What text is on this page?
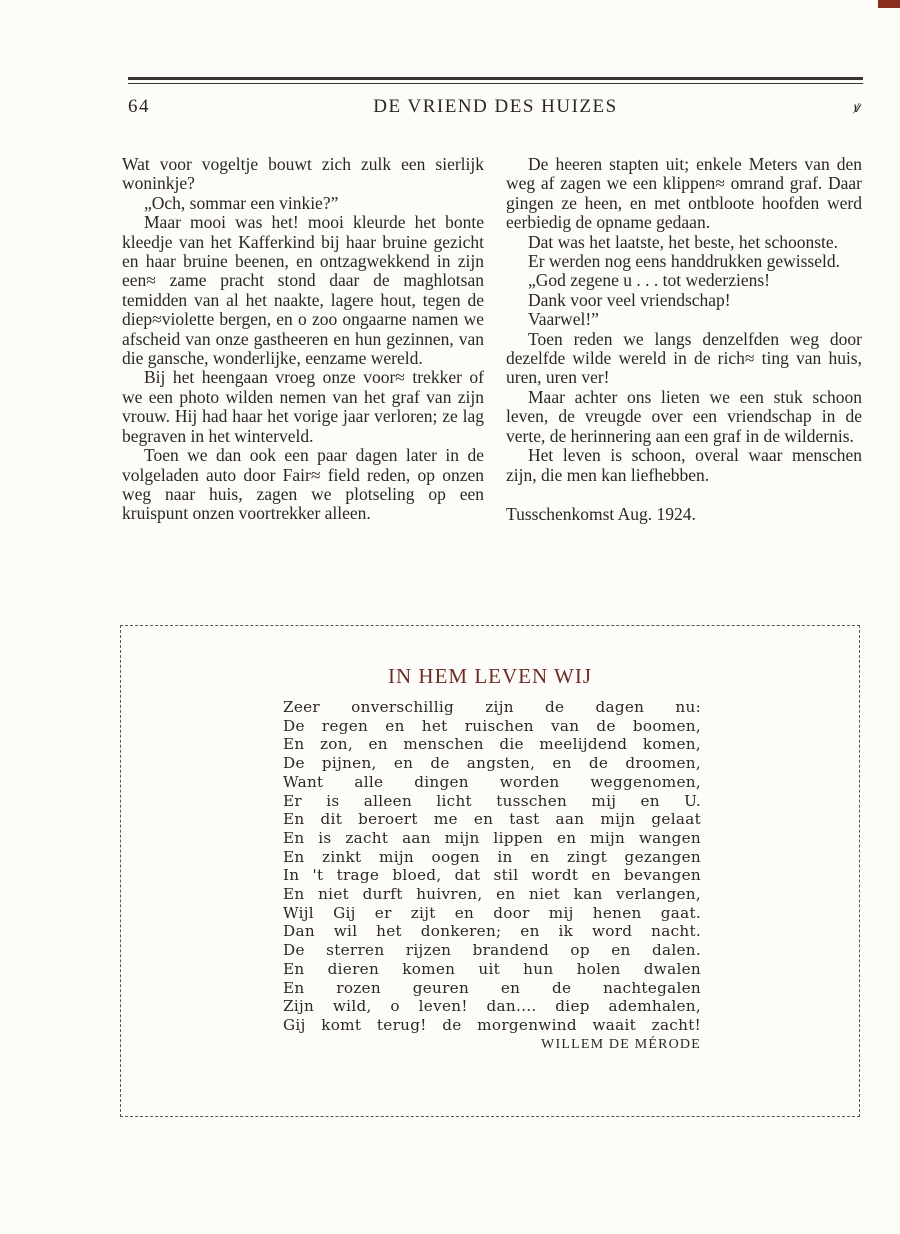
64	DE VRIEND DES HUIZES	ꝟ

Wat voor vogeltje bouwt zich zulk een sierlijk woninkje?

„Och, sommar een vinkie?”

Maar mooi was het! mooi kleurde het bonte kleedje van het Kafferkind bij haar bruine gezicht en haar bruine beenen, en ontzagwekkend in zijn een≈ zame pracht stond daar de maghlotsan temidden van al het naakte, lagere hout, tegen de diep≈violette bergen, en o zoo ongaarne namen we afscheid van onze gastheeren en hun gezinnen, van die gansche, wonderlijke, eenzame wereld.

Bij het heengaan vroeg onze voor≈ trekker of we een photo wilden nemen van het graf van zijn vrouw. Hij had haar het vorige jaar verloren; ze lag begraven in het winterveld.

Toen we dan ook een paar dagen later in de volgeladen auto door Fair≈ field reden, op onzen weg naar huis, zagen we plotseling op een kruispunt onzen voortrekker alleen.

De heeren stapten uit; enkele Meters van den weg af zagen we een klippen≈ omrand graf. Daar gingen ze heen, en met ontbloote hoofden werd eerbiedig de opname gedaan.

Dat was het laatste, het beste, het schoonste.

Er werden nog eens handdrukken gewisseld.

„God zegene u . . . tot wederziens!

Dank voor veel vriendschap!

Vaarwel!”

Toen reden we langs denzelfden weg door dezelfde wilde wereld in de rich≈ ting van huis, uren, uren ver!

Maar achter ons lieten we een stuk schoon leven, de vreugde over een vriendschap in de verte, de herinnering aan een graf in de wildernis.

Het leven is schoon, overal waar menschen zijn, die men kan liefhebben.

Tusschenkomst Aug. 1924.

IN HEM LEVEN WIJ
Zeer onverschillig zijn de dagen nu:
De regen en het ruischen van de boomen,
En zon, en menschen die meelijdend komen,
De pijnen, en de angsten, en de droomen,
Want alle dingen worden weggenomen,
Er is alleen licht tusschen mij en U.
En dit beroert me en tast aan mijn gelaat
En is zacht aan mijn lippen en mijn wangen
En zinkt mijn oogen in en zingt gezangen
In 't trage bloed, dat stil wordt en bevangen
En niet durft huivren, en niet kan verlangen,
Wijl Gij er zijt en door mij henen gaat.
Dan wil het donkeren; en ik word nacht.
De sterren rijzen brandend op en dalen.
En dieren komen uit hun holen dwalen
En rozen geuren en de nachtegalen
Zijn wild, o leven! dan.... diep ademhalen,
Gij komt terug! de morgenwind waait zacht!
WILLEM DE MÉRODE
